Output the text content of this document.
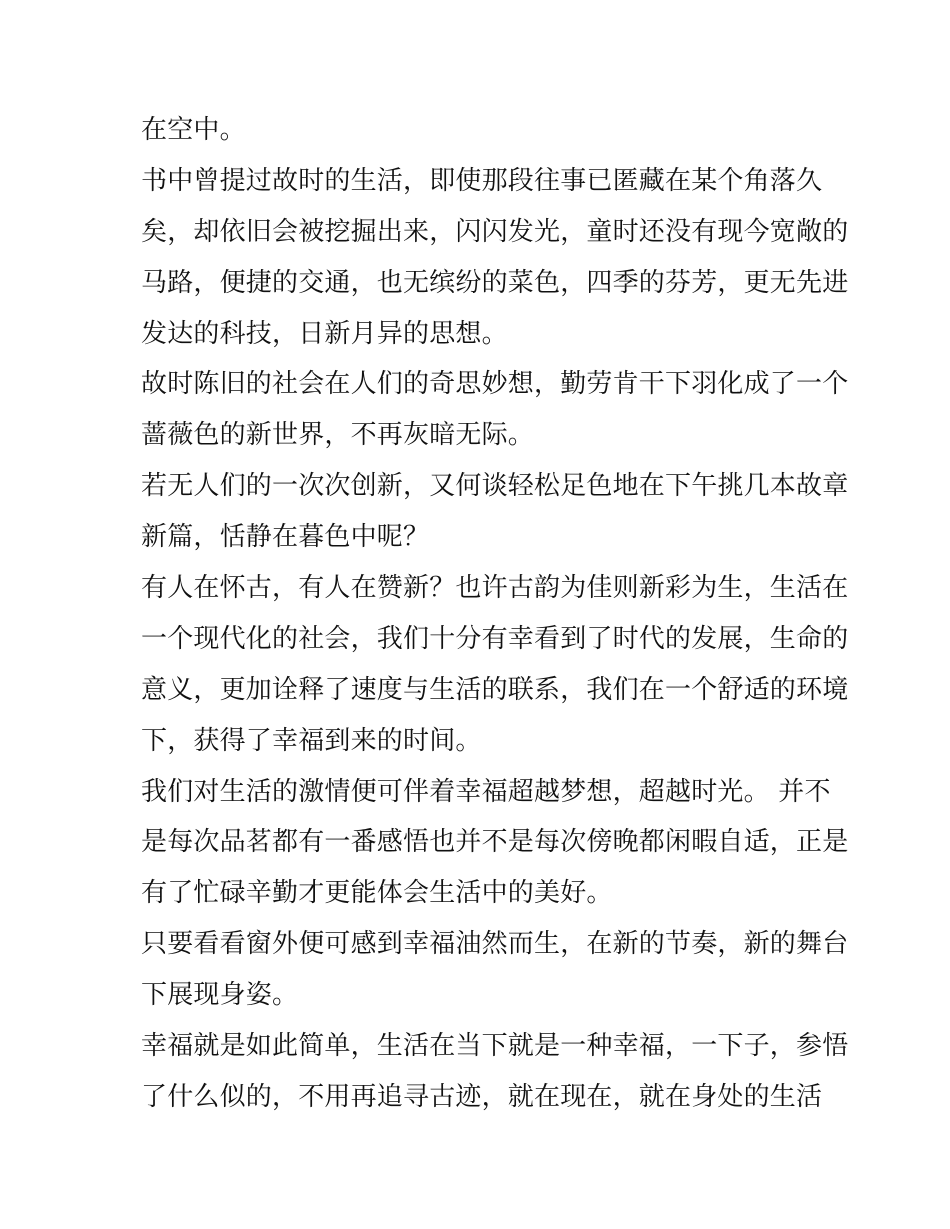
在空中。
书中曾提过故时的生活，即使那段往事已匿藏在某个角落久
矣，却依旧会被挖掘出来，闪闪发光，童时还没有现今宽敞的
马路，便捷的交通，也无缤纷的菜色，四季的芬芳，更无先进
发达的科技，日新月异的思想。
故时陈旧的社会在人们的奇思妙想，勤劳肯干下羽化成了一个
蔷薇色的新世界，不再灰暗无际。
若无人们的一次次创新，又何谈轻松足色地在下午挑几本故章
新篇，恬静在暮色中呢？
有人在怀古，有人在赞新？也许古韵为佳则新彩为生，生活在
一个现代化的社会，我们十分有幸看到了时代的发展，生命的
意义，更加诠释了速度与生活的联系，我们在一个舒适的环境
下，获得了幸福到来的时间。
我们对生活的激情便可伴着幸福超越梦想，超越时光。 并不
是每次品茗都有一番感悟也并不是每次傍晚都闲暇自适，正是
有了忙碌辛勤才更能体会生活中的美好。
只要看看窗外便可感到幸福油然而生，在新的节奏，新的舞台
下展现身姿。
幸福就是如此简单，生活在当下就是一种幸福，一下子，参悟
了什么似的，不用再追寻古迹，就在现在，就在身处的生活
